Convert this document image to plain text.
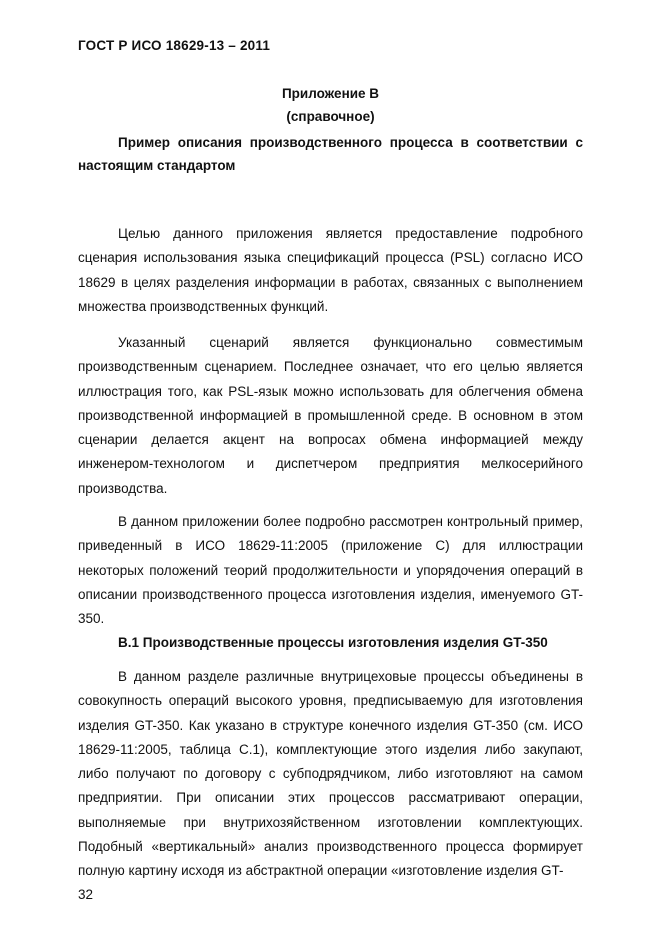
ГОСТ Р ИСО 18629-13 – 2011
Приложение В
(справочное)
Пример описания производственного процесса в соответствии с настоящим стандартом
Целью данного приложения является предоставление подробного сценария использования языка спецификаций процесса (PSL) согласно ИСО 18629 в целях разделения информации в работах, связанных с выполнением множества производственных функций.
Указанный сценарий является функционально совместимым производственным сценарием. Последнее означает, что его целью является иллюстрация того, как PSL-язык можно использовать для облегчения обмена производственной информацией в промышленной среде. В основном в этом сценарии делается акцент на вопросах обмена информацией между инженером-технологом и диспетчером предприятия мелкосерийного производства.
В данном приложении более подробно рассмотрен контрольный пример, приведенный в ИСО 18629-11:2005 (приложение С) для иллюстрации некоторых положений теорий продолжительности и упорядочения операций в описании производственного процесса изготовления изделия, именуемого GT-350.
В.1 Производственные процессы изготовления изделия GT-350
В данном разделе различные внутрицеховые процессы объединены в совокупность операций высокого уровня, предписываемую для изготовления изделия GT-350. Как указано в структуре конечного изделия GT-350 (см. ИСО 18629-11:2005, таблица С.1), комплектующие этого изделия либо закупают, либо получают по договору с субподрядчиком, либо изготовляют на самом предприятии. При описании этих процессов рассматривают операции, выполняемые при внутрихозяйственном изготовлении комплектующих. Подобный «вертикальный» анализ производственного процесса формирует полную картину исходя из абстрактной операции «изготовление изделия GT-
32
